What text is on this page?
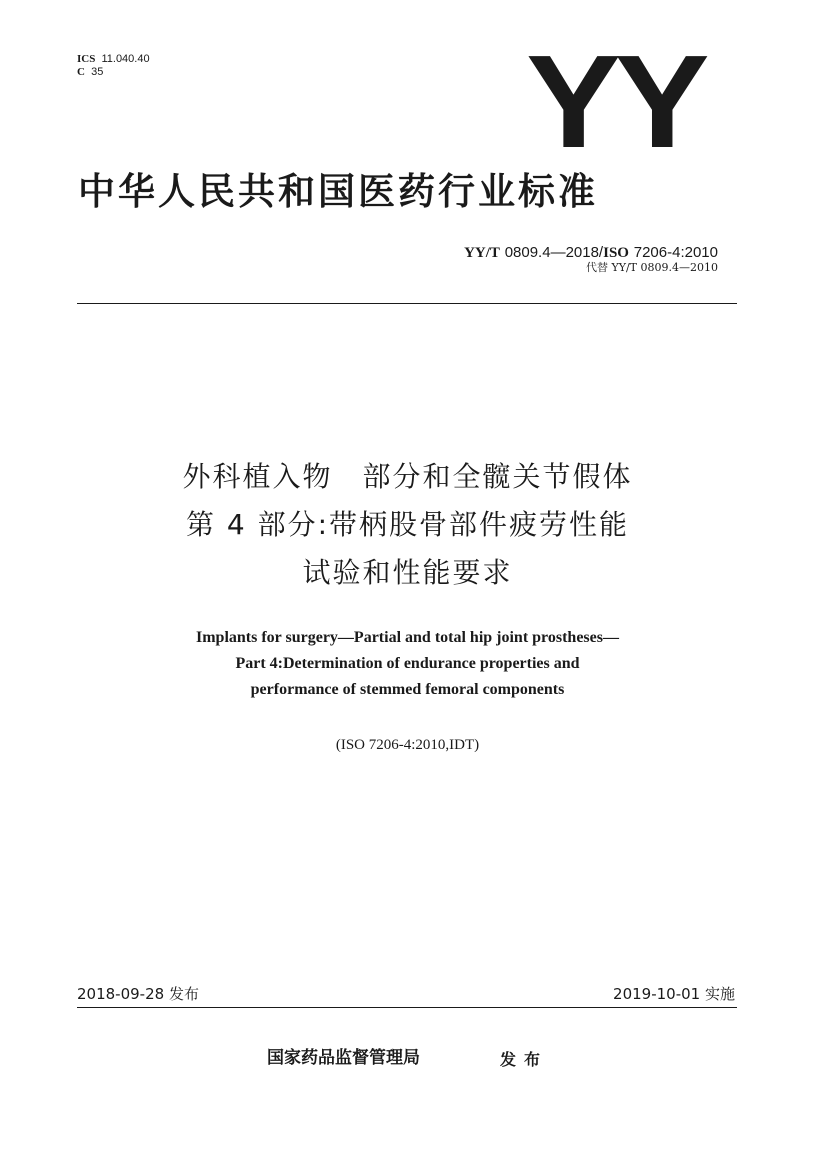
ICS 11.040.40
C 35	YY
中华人民共和国医药行业标准
YY/T 0809.4—2018/ISO 7206-4:2010
代替 YY/T 0809.4—2010
外科植入物　部分和全髋关节假体
第 4 部分:带柄股骨部件疲劳性能
试验和性能要求
Implants for surgery—Partial and total hip joint prostheses—
Part 4:Determination of endurance properties and
performance of stemmed femoral components
(ISO 7206-4:2010,IDT)
2018-09-28 发布	2019-10-01 实施
国家药品监督管理局	发布
